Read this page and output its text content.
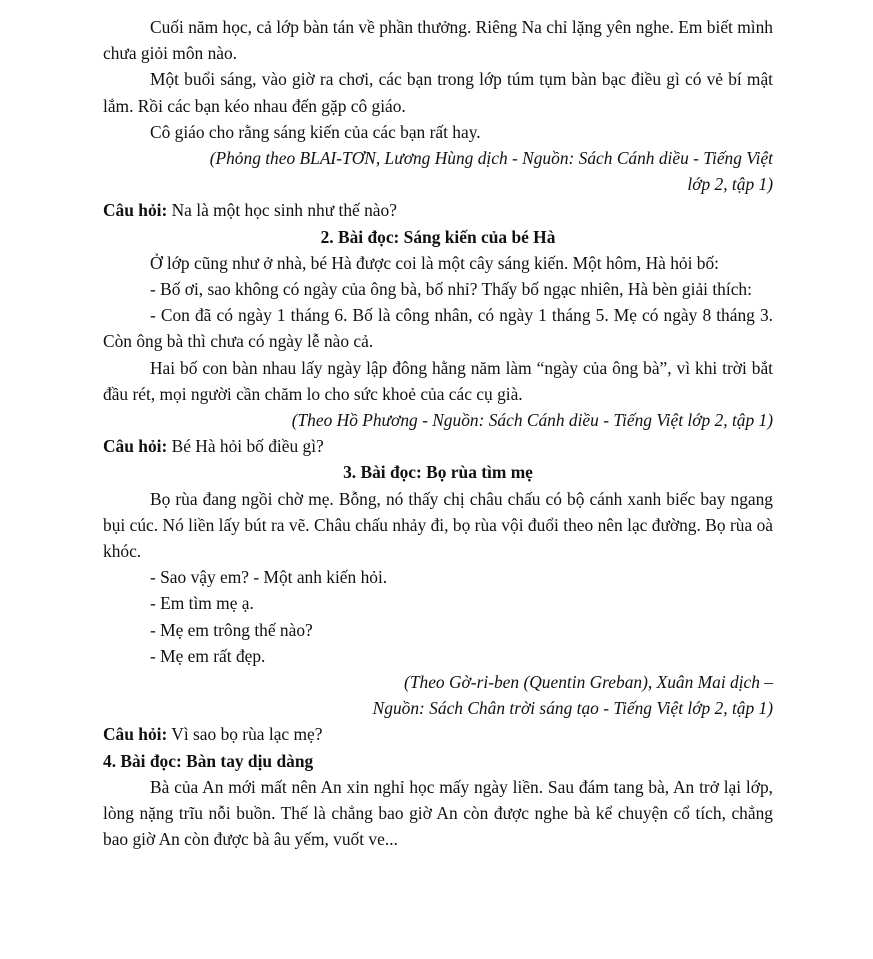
Cuối năm học, cả lớp bàn tán về phần thưởng. Riêng Na chỉ lặng yên nghe. Em biết mình chưa giỏi môn nào.

Một buổi sáng, vào giờ ra chơi, các bạn trong lớp túm tụm bàn bạc điều gì có vẻ bí mật lắm. Rồi các bạn kéo nhau đến gặp cô giáo.

Cô giáo cho rằng sáng kiến của các bạn rất hay.

(Phỏng theo BLAI-TƠN, Lương Hùng dịch - Nguồn: Sách Cánh diều - Tiếng Việt
lớp 2, tập 1)

Câu hỏi: Na là một học sinh như thế nào?

2. Bài đọc: Sáng kiến của bé Hà

Ở lớp cũng như ở nhà, bé Hà được coi là một cây sáng kiến. Một hôm, Hà hỏi bố:

- Bố ơi, sao không có ngày của ông bà, bố nhỉ? Thấy bố ngạc nhiên, Hà bèn giải thích:

- Con đã có ngày 1 tháng 6. Bố là công nhân, có ngày 1 tháng 5. Mẹ có ngày 8 tháng 3. Còn ông bà thì chưa có ngày lễ nào cả.

Hai bố con bàn nhau lấy ngày lập đông hằng năm làm “ngày của ông bà”, vì khi trời bắt đầu rét, mọi người cần chăm lo cho sức khoẻ của các cụ già.

(Theo Hồ Phương - Nguồn: Sách Cánh diều - Tiếng Việt lớp 2, tập 1)

Câu hỏi: Bé Hà hỏi bố điều gì?

3. Bài đọc: Bọ rùa tìm mẹ

Bọ rùa đang ngồi chờ mẹ. Bỗng, nó thấy chị châu chấu có bộ cánh xanh biếc bay ngang bụi cúc. Nó liền lấy bút ra vẽ. Châu chấu nhảy đi, bọ rùa vội đuổi theo nên lạc đường. Bọ rùa oà khóc.

- Sao vậy em? - Một anh kiến hỏi.

- Em tìm mẹ ạ.

- Mẹ em trông thế nào?

- Mẹ em rất đẹp.

(Theo Gờ-ri-ben (Quentin Greban), Xuân Mai dịch –
Nguồn: Sách Chân trời sáng tạo - Tiếng Việt lớp 2, tập 1)

Câu hỏi: Vì sao bọ rùa lạc mẹ?

4. Bài đọc: Bàn tay dịu dàng

Bà của An mới mất nên An xin nghỉ học mấy ngày liền. Sau đám tang bà, An trở lại lớp, lòng nặng trĩu nỗi buồn. Thế là chẳng bao giờ An còn được nghe bà kể chuyện cổ tích, chẳng bao giờ An còn được bà âu yếm, vuốt ve...
